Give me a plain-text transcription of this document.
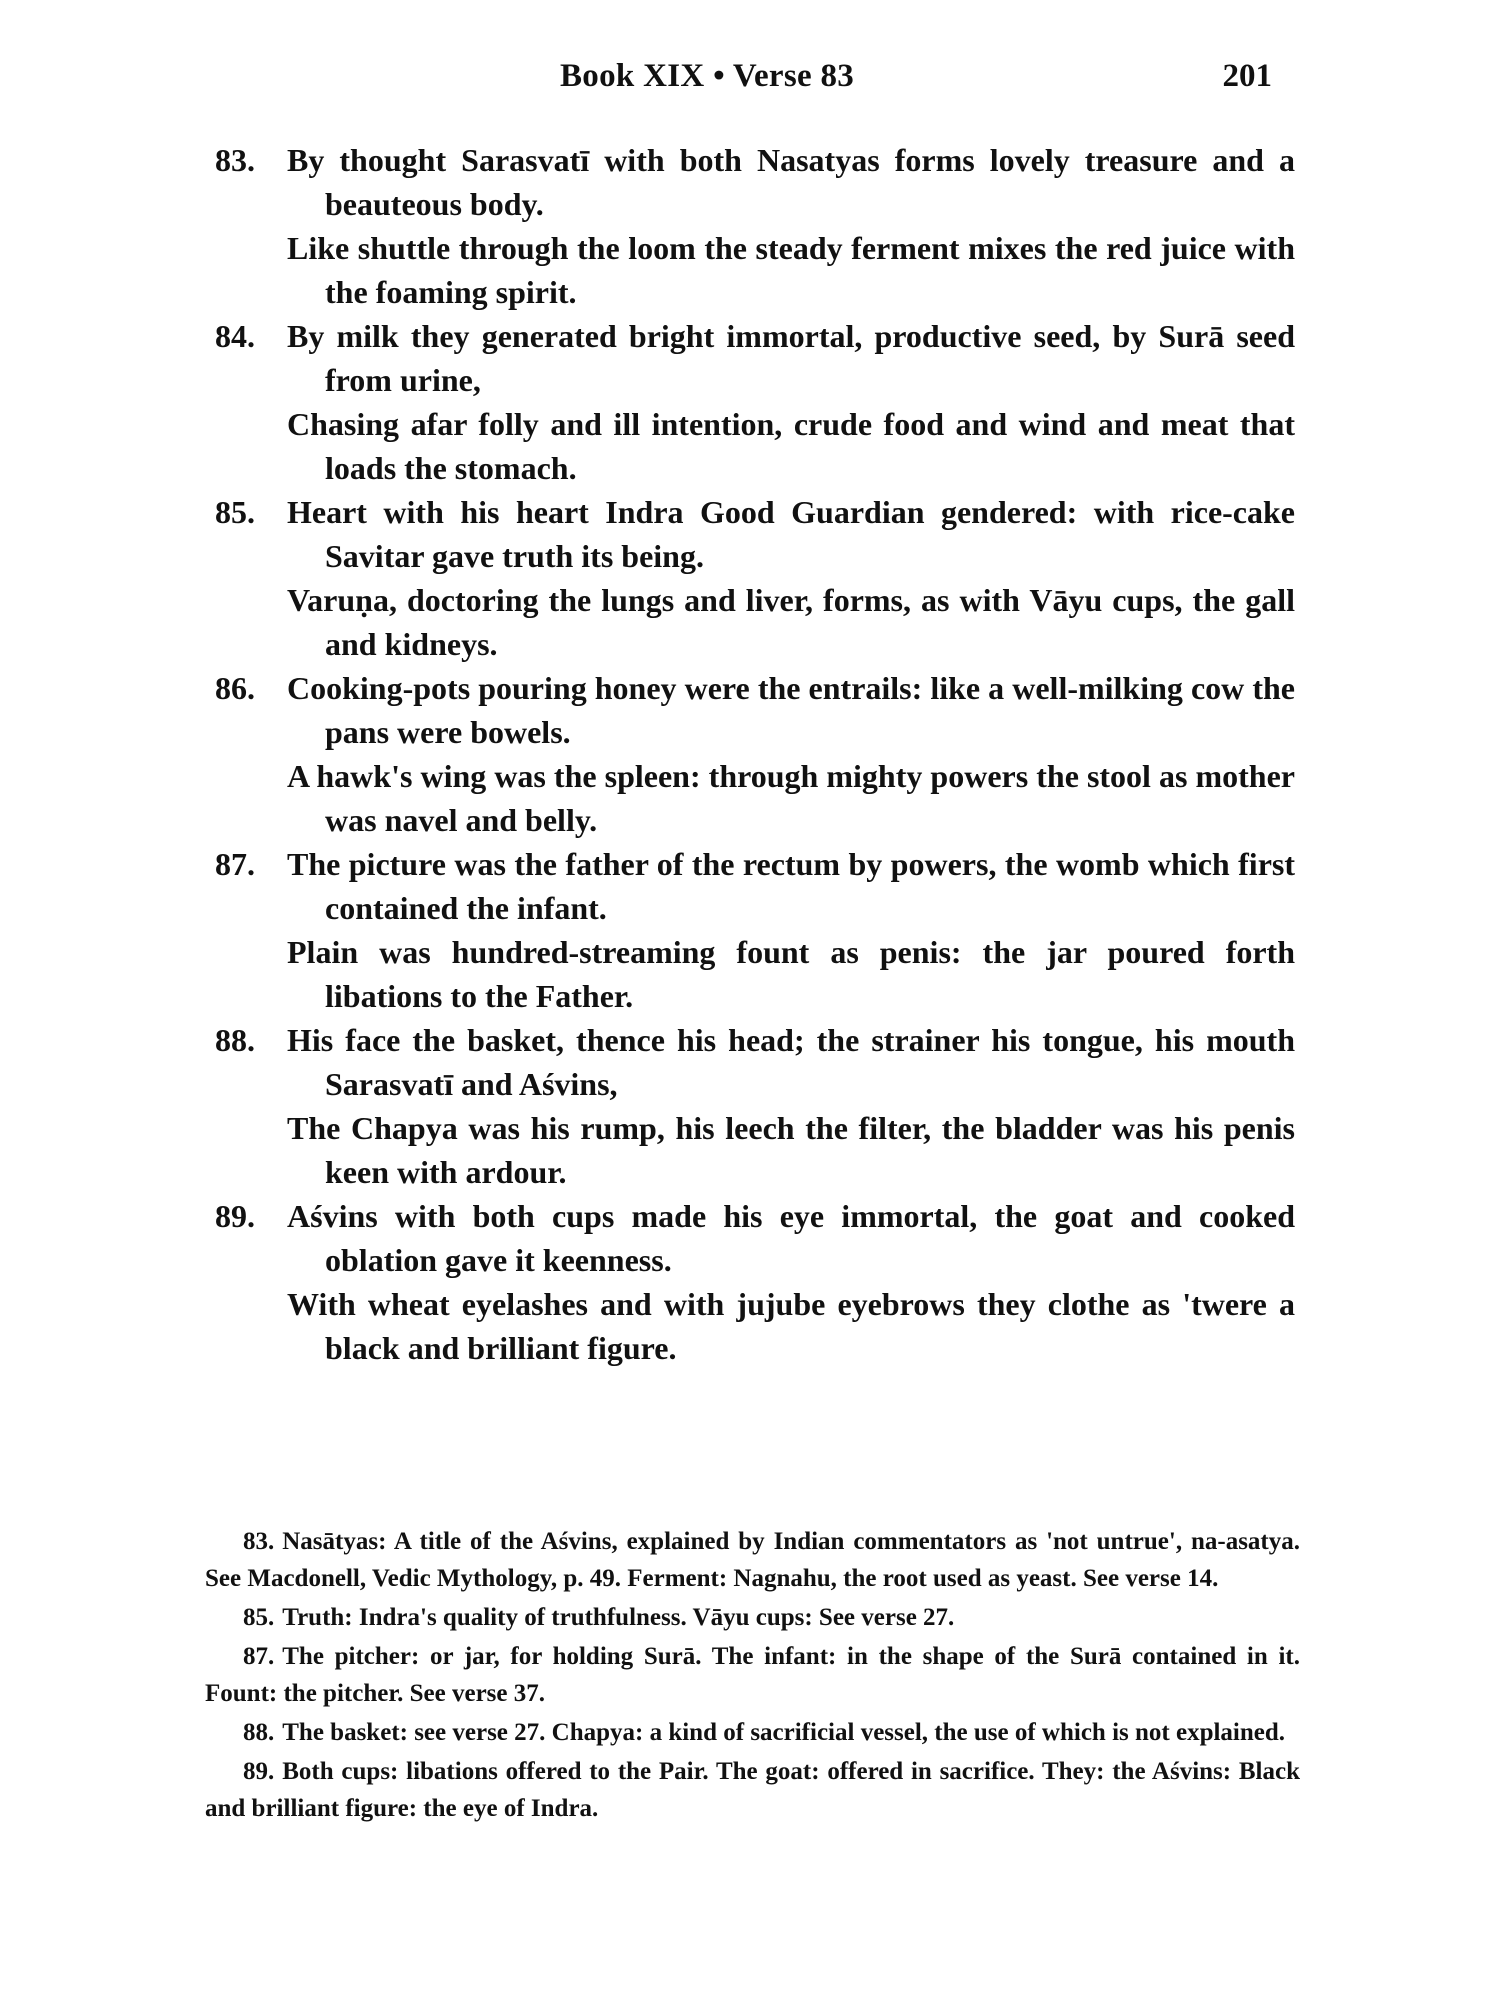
Book XIX • Verse 83	201
83.	By thought Sarasvatī with both Nasatyas forms lovely treasure and a beauteous body.
Like shuttle through the loom the steady ferment mixes the red juice with the foaming spirit.
84.	By milk they generated bright immortal, productive seed, by Surā seed from urine,
Chasing afar folly and ill intention, crude food and wind and meat that loads the stomach.
85.	Heart with his heart Indra Good Guardian gendered: with rice-cake Savitar gave truth its being.
Varuṇa, doctoring the lungs and liver, forms, as with Vāyu cups, the gall and kidneys.
86.	Cooking-pots pouring honey were the entrails: like a well-milking cow the pans were bowels.
A hawk's wing was the spleen: through mighty powers the stool as mother was navel and belly.
87.	The picture was the father of the rectum by powers, the womb which first contained the infant.
Plain was hundred-streaming fount as penis: the jar poured forth libations to the Father.
88.	His face the basket, thence his head; the strainer his tongue, his mouth Sarasvatī and Aśvins,
The Chapya was his rump, his leech the filter, the bladder was his penis keen with ardour.
89.	Aśvins with both cups made his eye immortal, the goat and cooked oblation gave it keenness.
With wheat eyelashes and with jujube eyebrows they clothe as 'twere a black and brilliant figure.

83. Nasātyas: A title of the Aśvins, explained by Indian commentators as 'not untrue', na-asatya. See Macdonell, Vedic Mythology, p. 49. Ferment: Nagnahu, the root used as yeast. See verse 14.

85. Truth: Indra's quality of truthfulness. Vāyu cups: See verse 27.

87. The pitcher: or jar, for holding Surā. The infant: in the shape of the Surā contained in it. Fount: the pitcher. See verse 37.

88. The basket: see verse 27. Chapya: a kind of sacrificial vessel, the use of which is not explained.

89. Both cups: libations offered to the Pair. The goat: offered in sacrifice. They: the Aśvins: Black and brilliant figure: the eye of Indra.
